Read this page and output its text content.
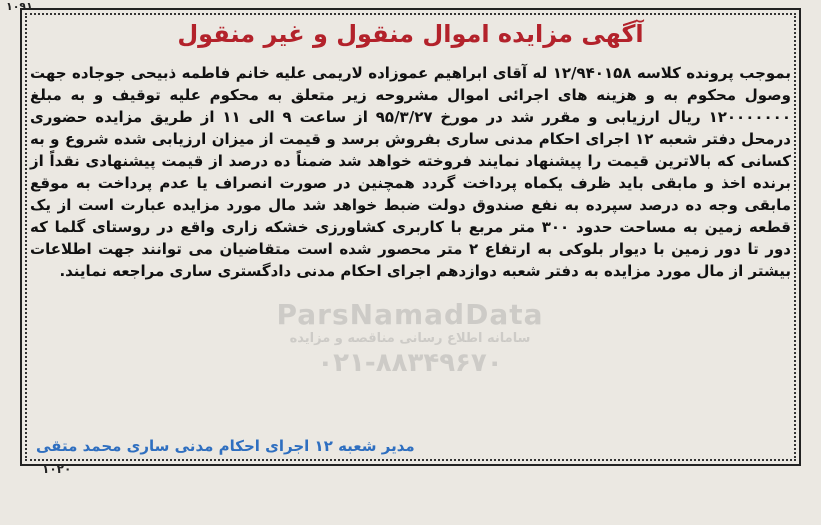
۱۰۹۱
ParsNamadData
سامانه اطلاع رسانی مناقصه و مزایده
۰۲۱-۸۸۳۴۹۶۷۰
آگهی مزایده اموال منقول و غیر منقول

بموجب پرونده کلاسه ۱۲/۹۴۰۱۵۸ له آقای ابراهیم عموزاده لاریمی علیه خانم فاطمه ذبیحی جوجاده جهت وصول محکوم به و هزینه های اجرائی اموال مشروحه زیر متعلق به محکوم علیه توقیف و به مبلغ ۱۲۰۰۰۰۰۰۰ ریال ارزیابی و مقرر شد در مورخ ۹۵/۳/۲۷ از ساعت ۹ الی ۱۱ از طریق مزایده حضوری درمحل دفتر شعبه ۱۲ اجرای احکام مدنی ساری بفروش برسد و قیمت از میزان ارزیابی شده شروع و به کسانی که بالاترین قیمت را پیشنهاد نمایند فروخته خواهد شد ضمناً ده درصد از قیمت پیشنهادی نقداً از برنده اخذ و مابقی باید ظرف یکماه پرداخت گردد همچنین در صورت انصراف یا عدم پرداخت به موقع مابقی وجه ده درصد سپرده به نفع صندوق دولت ضبط خواهد شد مال مورد مزایده عبارت است از یک قطعه زمین به مساحت حدود ۳۰۰ متر مربع با کاربری کشاورزی خشکه زاری واقع در روستای گلما که دور تا دور زمین با دیوار بلوکی به ارتفاع ۲ متر محصور شده است متقاضیان می توانند جهت اطلاعات بیشتر از مال مورد مزایده به دفتر شعبه دوازدهم اجرای احکام مدنی دادگستری ساری مراجعه نمایند.

مدیر شعبه ۱۲ اجرای احکام مدنی ساری محمد متقی
۱۰۲۰
